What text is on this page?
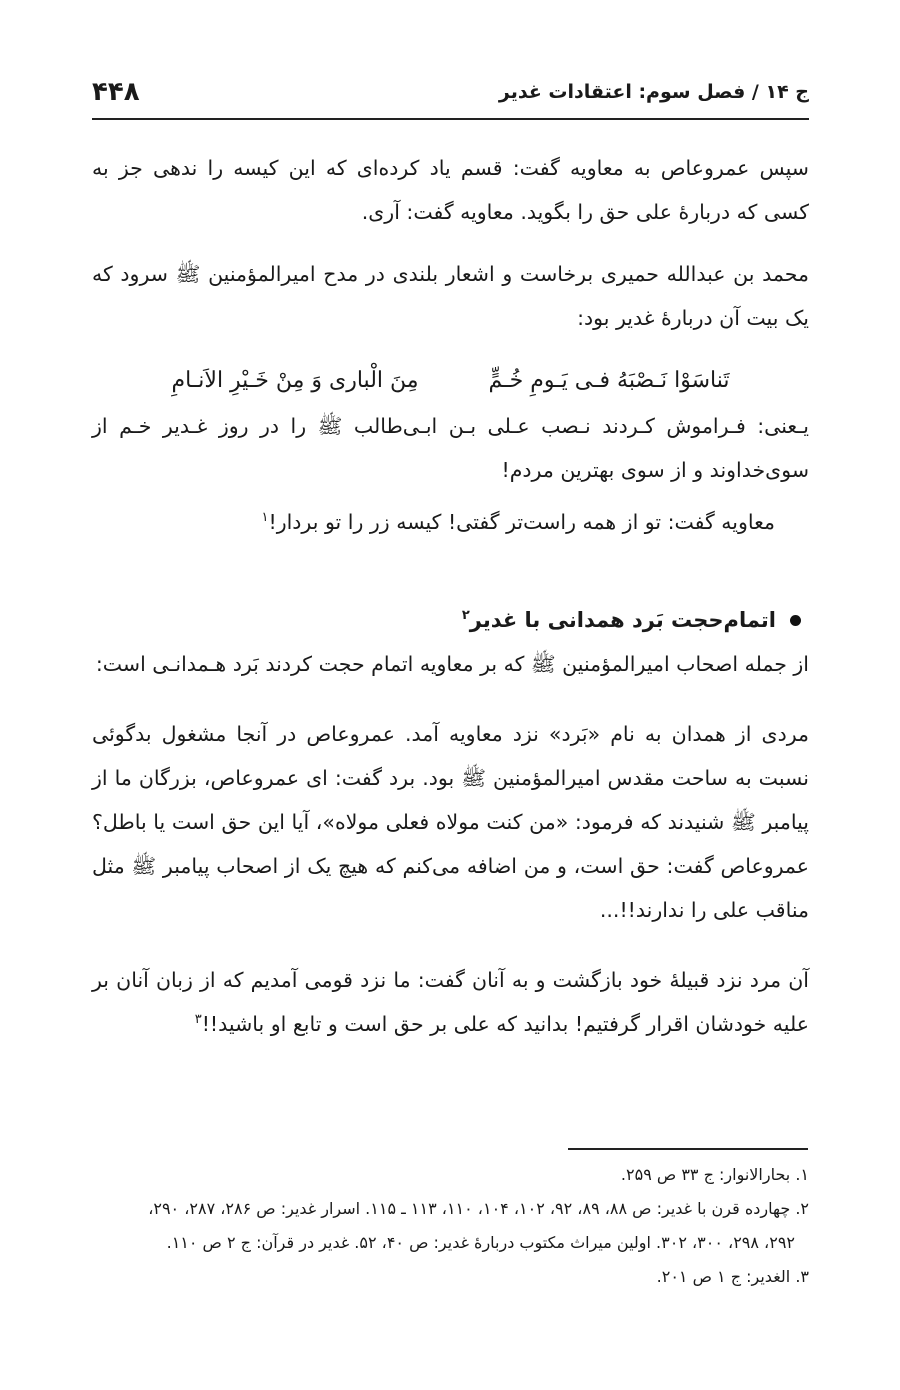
ج ۱۴ / فصل سوم: اعتقادات غدیر
۴۴۸

سپس عمروعاص به معاویه گفت: قسم یاد کرده‌ای که این کیسه را ندهی جز به کسی که دربارهٔ علی حق را بگوید. معاویه گفت: آری.

محمد بن عبدالله حمیری برخاست و اشعار بلندی در مدح امیرالمؤمنین ﷺ سرود که یک بیت آن دربارهٔ غدیر بود:

تَناسَوْا نَـصْبَهُ فـی یَـومِ خُـمٍّ
مِنَ الْباری وَ مِنْ خَـیْرِ الاَنـامِ

یـعنی: فـراموش کـردند نـصب عـلی بـن ابـی‌طالب ﷺ را در روز غـدیر خـم از سوی‌خداوند و از سوی بهترین مردم!

معاویه گفت: تو از همه راست‌تر گفتی! کیسه زر را تو بردار!$^۱$

اتمام‌حجت بَرد همدانی با غدیر$^۲$

از جمله اصحاب امیرالمؤمنین ﷺ که بر معاویه اتمام حجت کردند بَرد هـمدانـی است:

مردی از همدان به نام «بَرد» نزد معاویه آمد. عمروعاص در آنجا مشغول بدگوئی نسبت به ساحت مقدس امیرالمؤمنین ﷺ بود. برد گفت: ای عمروعاص، بزرگان ما از پیامبر ﷺ شنیدند که فرمود: «من کنت مولاه فعلی مولاه»، آیا این حق است یا باطل؟ عمروعاص گفت: حق است، و من اضافه می‌کنم که هیچ یک از اصحاب پیامبر ﷺ مثل مناقب علی را ندارند!!...

آن مرد نزد قبیلهٔ خود بازگشت و به آنان گفت: ما نزد قومی آمدیم که از زبان آنان بر علیه خودشان اقرار گرفتیم! بدانید که علی بر حق است و تابع او باشید!!$^۳$

۱. بحارالانوار: ج ۳۳ ص ۲۵۹.

۲. چهارده قرن با غدیر: ص ۸۸، ۸۹، ۹۲، ۱۰۲، ۱۰۴، ۱۱۰، ۱۱۳ ـ ۱۱۵. اسرار غدیر: ص ۲۸۶، ۲۸۷، ۲۹۰،

۲۹۲، ۲۹۸، ۳۰۰، ۳۰۲. اولین میراث مکتوب دربارهٔ غدیر: ص ۴۰، ۵۲. غدیر در قرآن: ج ۲ ص ۱۱۰.

۳. الغدیر: ج ۱ ص ۲۰۱.
